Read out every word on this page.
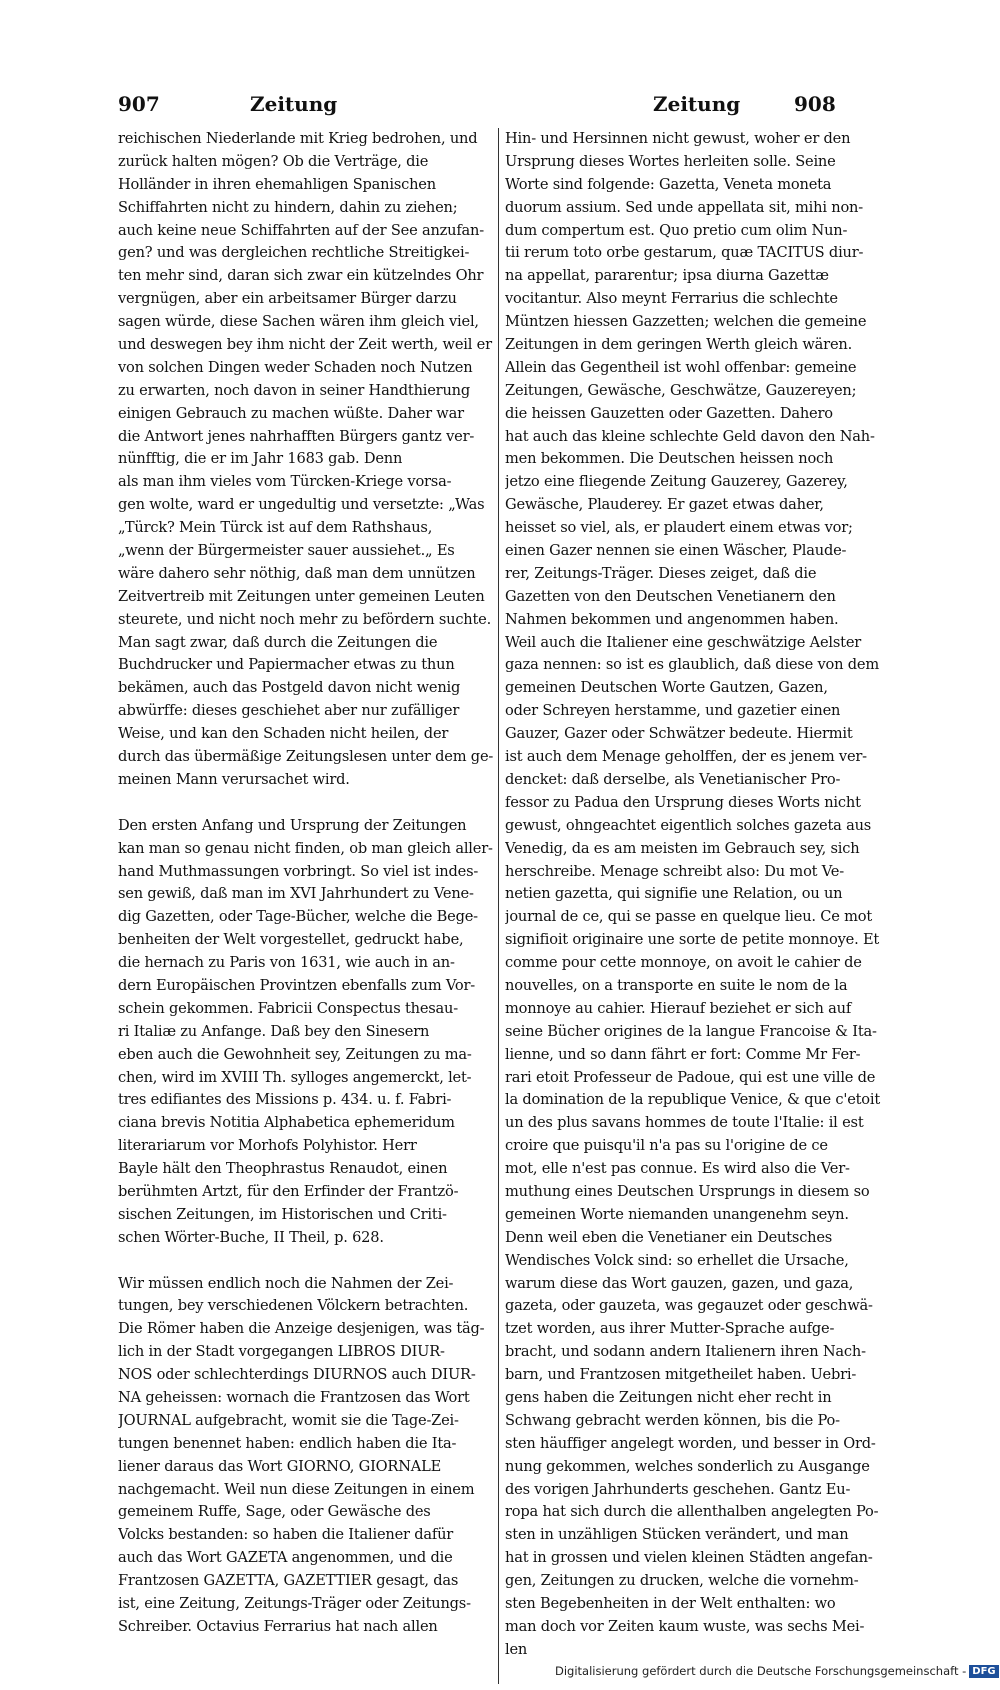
907	Zeitung	Zeitung	908
reichischen Niederlande mit Krieg bedrohen, und
zurück halten mögen? Ob die Verträge, die
Holländer in ihren ehemahligen Spanischen
Schiffahrten nicht zu hindern, dahin zu ziehen;
auch keine neue Schiffahrten auf der See anzufan-
gen? und was dergleichen rechtliche Streitigkei-
ten mehr sind, daran sich zwar ein kützelndes Ohr
vergnügen, aber ein arbeitsamer Bürger darzu
sagen würde, diese Sachen wären ihm gleich viel,
und deswegen bey ihm nicht der Zeit werth, weil er
von solchen Dingen weder Schaden noch Nutzen
zu erwarten, noch davon in seiner Handthierung
einigen Gebrauch zu machen wüßte. Daher war
die Antwort jenes nahrhafften Bürgers gantz ver-
nünfftig, die er im Jahr 1683 gab. Denn
als man ihm vieles vom Türcken-Kriege vorsa-
gen wolte, ward er ungedultig und versetzte: „Was
„Türck? Mein Türck ist auf dem Rathshaus,
„wenn der Bürgermeister sauer aussiehet.„ Es
wäre dahero sehr nöthig, daß man dem unnützen
Zeitvertreib mit Zeitungen unter gemeinen Leuten
steurete, und nicht noch mehr zu befördern suchte.
Man sagt zwar, daß durch die Zeitungen die
Buchdrucker und Papiermacher etwas zu thun
bekämen, auch das Postgeld davon nicht wenig
abwürffe: dieses geschiehet aber nur zufälliger
Weise, und kan den Schaden nicht heilen, der
durch das übermäßige Zeitungslesen unter dem ge-
meinen Mann verursachet wird.
Den ersten Anfang und Ursprung der Zeitungen
kan man so genau nicht finden, ob man gleich aller-
hand Muthmassungen vorbringt. So viel ist indes-
sen gewiß, daß man im XVI Jahrhundert zu Vene-
dig Gazetten, oder Tage-Bücher, welche die Bege-
benheiten der Welt vorgestellet, gedruckt habe,
die hernach zu Paris von 1631, wie auch in an-
dern Europäischen Provintzen ebenfalls zum Vor-
schein gekommen. Fabricii Conspectus thesau-
ri Italiæ zu Anfange. Daß bey den Sinesern
eben auch die Gewohnheit sey, Zeitungen zu ma-
chen, wird im XVIII Th. sylloges angemerckt, let-
tres edifiantes des Missions p. 434. u. f. Fabri-
ciana brevis Notitia Alphabetica ephemeridum
literariarum vor Morhofs Polyhistor. Herr
Bayle hält den Theophrastus Renaudot, einen
berühmten Artzt, für den Erfinder der Frantzö-
sischen Zeitungen, im Historischen und Criti-
schen Wörter-Buche, II Theil, p. 628.
Wir müssen endlich noch die Nahmen der Zei-
tungen, bey verschiedenen Völckern betrachten.
Die Römer haben die Anzeige desjenigen, was täg-
lich in der Stadt vorgegangen LIBROS DIUR-
NOS oder schlechterdings DIURNOS auch DIUR-
NA geheissen: wornach die Frantzosen das Wort
JOURNAL aufgebracht, womit sie die Tage-Zei-
tungen benennet haben: endlich haben die Ita-
liener daraus das Wort GIORNO, GIORNALE
nachgemacht. Weil nun diese Zeitungen in einem
gemeinem Ruffe, Sage, oder Gewäsche des
Volcks bestanden: so haben die Italiener dafür
auch das Wort GAZETA angenommen, und die
Frantzosen GAZETTA, GAZETTIER gesagt, das
ist, eine Zeitung, Zeitungs-Träger oder Zeitungs-
Schreiber. Octavius Ferrarius hat nach allen
Hin- und Hersinnen nicht gewust, woher er den
Ursprung dieses Wortes herleiten solle. Seine
Worte sind folgende: Gazetta, Veneta moneta
duorum assium. Sed unde appellata sit, mihi non-
dum compertum est. Quo pretio cum olim Nun-
tii rerum toto orbe gestarum, quæ TACITUS diur-
na appellat, pararentur; ipsa diurna Gazettæ
vocitantur. Also meynt Ferrarius die schlechte
Müntzen hiessen Gazzetten; welchen die gemeine
Zeitungen in dem geringen Werth gleich wären.
Allein das Gegentheil ist wohl offenbar: gemeine
Zeitungen, Gewäsche, Geschwätze, Gauzereyen;
die heissen Gauzetten oder Gazetten. Dahero
hat auch das kleine schlechte Geld davon den Nah-
men bekommen. Die Deutschen heissen noch
jetzo eine fliegende Zeitung Gauzerey, Gazerey,
Gewäsche, Plauderey. Er gazet etwas daher,
heisset so viel, als, er plaudert einem etwas vor;
einen Gazer nennen sie einen Wäscher, Plaude-
rer, Zeitungs-Träger. Dieses zeiget, daß die
Gazetten von den Deutschen Venetianern den
Nahmen bekommen und angenommen haben.
Weil auch die Italiener eine geschwätzige Aelster
gaza nennen: so ist es glaublich, daß diese von dem
gemeinen Deutschen Worte Gautzen, Gazen,
oder Schreyen herstamme, und gazetier einen
Gauzer, Gazer oder Schwätzer bedeute. Hiermit
ist auch dem Menage geholffen, der es jenem ver-
dencket: daß derselbe, als Venetianischer Pro-
fessor zu Padua den Ursprung dieses Worts nicht
gewust, ohngeachtet eigentlich solches gazeta aus
Venedig, da es am meisten im Gebrauch sey, sich
herschreibe. Menage schreibt also: Du mot Ve-
netien gazetta, qui signifie une Relation, ou un
journal de ce, qui se passe en quelque lieu. Ce mot
signifioit originaire une sorte de petite monnoye. Et
comme pour cette monnoye, on avoit le cahier de
nouvelles, on a transporte en suite le nom de la
monnoye au cahier. Hierauf beziehet er sich auf
seine Bücher origines de la langue Francoise & Ita-
lienne, und so dann fährt er fort: Comme Mr Fer-
rari etoit Professeur de Padoue, qui est une ville de
la domination de la republique Venice, & que c'etoit
un des plus savans hommes de toute l'Italie: il est
croire que puisqu'il n'a pas su l'origine de ce
mot, elle n'est pas connue. Es wird also die Ver-
muthung eines Deutschen Ursprungs in diesem so
gemeinen Worte niemanden unangenehm seyn.
Denn weil eben die Venetianer ein Deutsches
Wendisches Volck sind: so erhellet die Ursache,
warum diese das Wort gauzen, gazen, und gaza,
gazeta, oder gauzeta, was gegauzet oder geschwä-
tzet worden, aus ihrer Mutter-Sprache aufge-
bracht, und sodann andern Italienern ihren Nach-
barn, und Frantzosen mitgetheilet haben. Uebri-
gens haben die Zeitungen nicht eher recht in
Schwang gebracht werden können, bis die Po-
sten häuffiger angelegt worden, und besser in Ord-
nung gekommen, welches sonderlich zu Ausgange
des vorigen Jahrhunderts geschehen. Gantz Eu-
ropa hat sich durch die allenthalben angelegten Po-
sten in unzähligen Stücken verändert, und man
hat in grossen und vielen kleinen Städten angefan-
gen, Zeitungen zu drucken, welche die vornehm-
sten Begebenheiten in der Welt enthalten: wo
man doch vor Zeiten kaum wuste, was sechs Mei-
len
Digitalisierung gefördert durch die Deutsche Forschungsgemeinschaft - DFG
